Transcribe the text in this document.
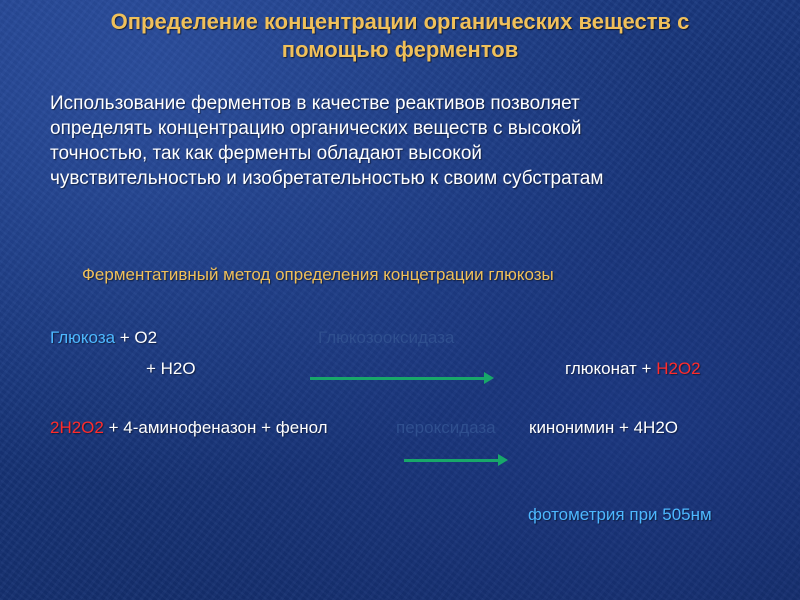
Определение концентрации органических веществ с
помощью ферментов
Использование ферментов в качестве реактивов позволяет
определять концентрацию органических веществ с высокой
точностью, так как ферменты обладают высокой
чувствительностью и изобретательностью к своим субстратам
Ферментативный метод определения концетрации глюкозы
Глюкоза + О2	Глюкозооксидаза
+ Н2О	глюконат + Н2О2
2Н2О2 + 4-аминофеназон + фенол	пероксидаза кинонимин + 4Н2О
фотометрия при 505нм
